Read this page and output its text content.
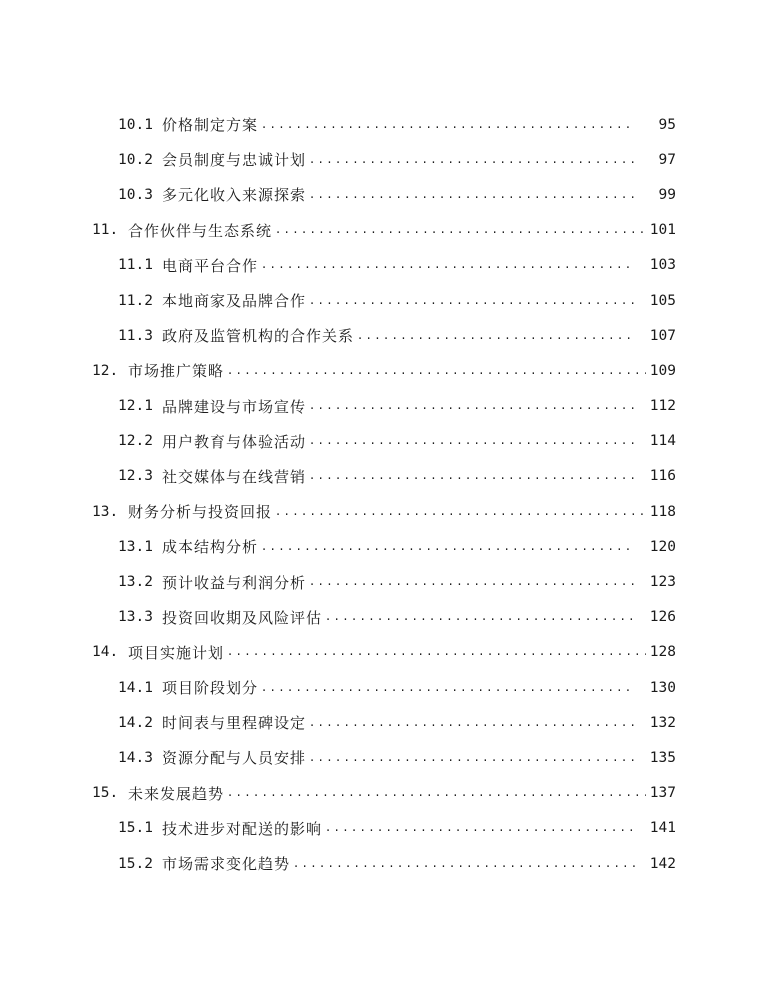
10.1 价格制定方案 . . .	95
10.2 会员制度与忠诚计划 . . .	97
10.3 多元化收入来源探索 . . .	99
11. 合作伙伴与生态系统 . . .	101
11.1 电商平台合作 . . .	103
11.2 本地商家及品牌合作 . . .	105
11.3 政府及监管机构的合作关系 . . .	107
12. 市场推广策略 . . .	109
12.1 品牌建设与市场宣传 . . .	112
12.2 用户教育与体验活动 . . .	114
12.3 社交媒体与在线营销 . . .	116
13. 财务分析与投资回报 . . .	118
13.1 成本结构分析 . . .	120
13.2 预计收益与利润分析 . . .	123
13.3 投资回收期及风险评估 . . .	126
14. 项目实施计划 . . .	128
14.1 项目阶段划分 . . .	130
14.2 时间表与里程碑设定 . . .	132
14.3 资源分配与人员安排 . . .	135
15. 未来发展趋势 . . .	137
15.1 技术进步对配送的影响 . . .	141
15.2 市场需求变化趋势 . . .	142
